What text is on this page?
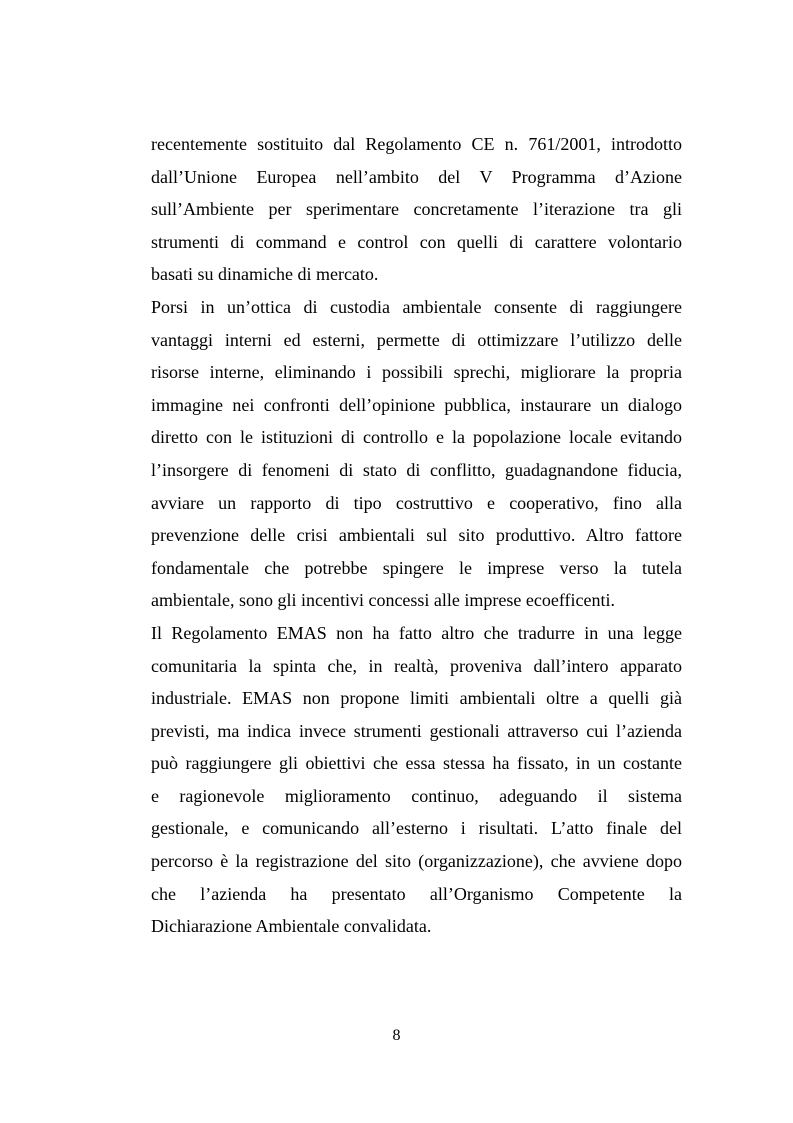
recentemente sostituito dal Regolamento CE n. 761/2001, introdotto
dall’Unione Europea nell’ambito del V Programma d’Azione
sull’Ambiente per sperimentare concretamente l’iterazione tra gli
strumenti di command e control con quelli di carattere volontario
basati su dinamiche di mercato.
Porsi in un’ottica di custodia ambientale consente di raggiungere
vantaggi interni ed esterni, permette di ottimizzare l’utilizzo delle
risorse interne, eliminando i possibili sprechi, migliorare la propria
immagine nei confronti dell’opinione pubblica, instaurare un dialogo
diretto con le istituzioni di controllo e la popolazione locale evitando
l’insorgere di fenomeni di stato di conflitto, guadagnandone fiducia,
avviare un rapporto di tipo costruttivo e cooperativo, fino alla
prevenzione delle crisi ambientali sul sito produttivo. Altro fattore
fondamentale che potrebbe spingere le imprese verso la tutela
ambientale, sono gli incentivi concessi alle imprese ecoefficenti.
Il Regolamento EMAS non ha fatto altro che tradurre in una legge
comunitaria la spinta che, in realtà, proveniva dall’intero apparato
industriale. EMAS non propone limiti ambientali oltre a quelli già
previsti, ma indica invece strumenti gestionali attraverso cui l’azienda
può raggiungere gli obiettivi che essa stessa ha fissato, in un costante
e ragionevole miglioramento continuo, adeguando il sistema
gestionale, e comunicando all’esterno i risultati. L’atto finale del
percorso è la registrazione del sito (organizzazione), che avviene dopo
che l’azienda ha presentato all’Organismo Competente la
Dichiarazione Ambientale convalidata.
8
